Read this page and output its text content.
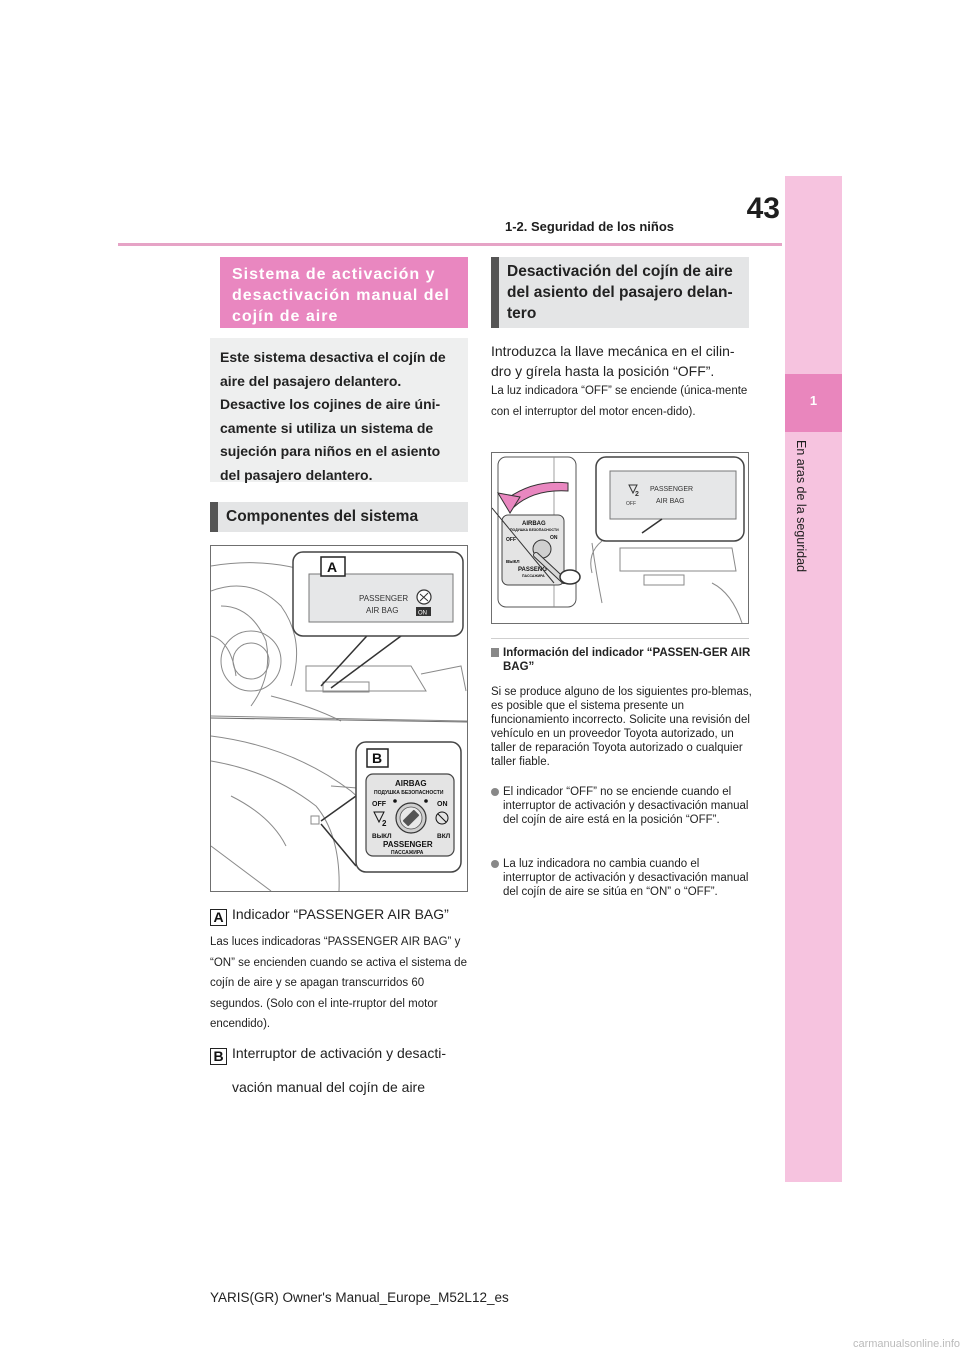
43
1-2. Seguridad de los niños
1
En aras de la seguridad
Sistema de activación y desactivación manual del cojín de aire

Este sistema desactiva el cojín de aire del pasajero delantero. Desactive los cojines de aire úni-camente si utiliza un sistema de sujeción para niños en el asiento del pasajero delantero.

Componentes del sistema
A
PASSENGER
AIR BAG	ON
B
AIRBAG
ПОДУШКА БЕЗОПАСНОСТИ
OFF	ON
2
ВЫКЛ	ВКЛ
PASSENGER
ПАССАЖИРА
A Indicador “PASSENGER AIR BAG”
Las luces indicadoras “PASSENGER AIR BAG” y “ON” se encienden cuando se activa el sistema de cojín de aire y se apagan transcurridos 60 segundos. (Solo con el inte-rruptor del motor encendido).
B Interruptor de activación y desacti-
vación manual del cojín de aire
Desactivación del cojín de aire del asiento del pasajero delan-tero
Introduzca la llave mecánica en el cilin-dro y gírela hasta la posición “OFF”.
La luz indicadora “OFF” se enciende (única-mente con el interruptor del motor encen-dido).
AIRBAG
ПОДУШКА БЕЗОПАСНОСТИ
OFF	ON
ВЫКЛ
PASSENG
ПАССАЖИРА
2
OFF
PASSENGER
AIR BAG
Información del indicador “PASSEN-GER AIR BAG”
Si se produce alguno de los siguientes pro-blemas, es posible que el sistema presente un funcionamiento incorrecto. Solicite una revisión del vehículo en un proveedor Toyota autorizado, un taller de reparación Toyota autorizado o cualquier taller fiable.
El indicador “OFF” no se enciende cuando el interruptor de activación y desactivación manual del cojín de aire está en la posición “OFF”.
La luz indicadora no cambia cuando el interruptor de activación y desactivación manual del cojín de aire se sitúa en “ON” o “OFF”.
YARIS(GR) Owner's Manual_Europe_M52L12_es
carmanualsonline.info
